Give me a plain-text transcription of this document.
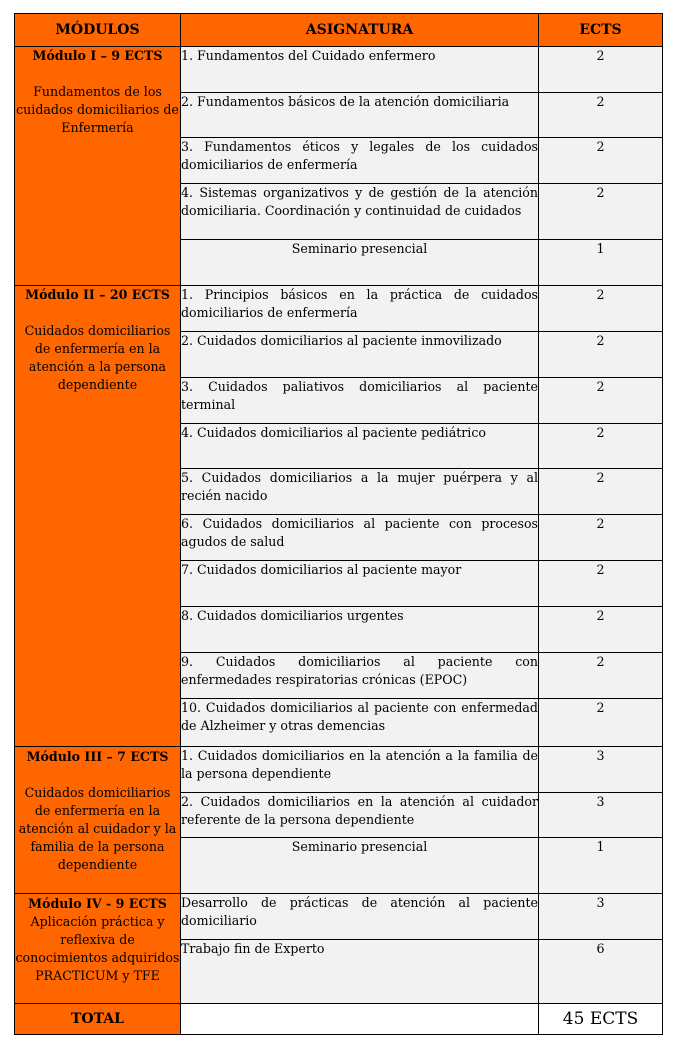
MÓDULOS	ASIGNATURA	ECTS

Módulo I – 9 ECTS
Fundamentos de los cuidados domiciliarios de Enfermería	1. Fundamentos del Cuidado enfermero	2
	2. Fundamentos básicos de la atención domiciliaria	2
	3. Fundamentos éticos y legales de los cuidados domiciliarios de enfermería	2
	4. Sistemas organizativos y de gestión de la atención domiciliaria. Coordinación y continuidad de cuidados	2
	Seminario presencial	1

Módulo II – 20 ECTS
Cuidados domiciliarios de enfermería en la atención a la persona dependiente	1. Principios básicos en la práctica de cuidados domiciliarios de enfermería	2
	2. Cuidados domiciliarios al paciente inmovilizado	2
	3. Cuidados paliativos domiciliarios al paciente terminal	2
	4. Cuidados domiciliarios al paciente pediátrico	2
	5. Cuidados domiciliarios a la mujer puérpera y al recién nacido	2
	6. Cuidados domiciliarios al paciente con procesos agudos de salud	2
	7. Cuidados domiciliarios al paciente mayor	2
	8. Cuidados domiciliarios urgentes	2
	9. Cuidados domiciliarios al paciente con enfermedades respiratorias crónicas (EPOC)	2
	10. Cuidados domiciliarios al paciente con enfermedad de Alzheimer y otras demencias	2

Módulo III – 7 ECTS
Cuidados domiciliarios de enfermería en la atención al cuidador y la familia de la persona dependiente	1. Cuidados domiciliarios en la atención a la familia de la persona dependiente	3
	2. Cuidados domiciliarios en la atención al cuidador referente de la persona dependiente	3
	Seminario presencial	1

Módulo IV - 9 ECTS
Aplicación práctica y reflexiva de conocimientos adquiridos PRACTICUM y TFE	Desarrollo de prácticas de atención al paciente domiciliario	3
	Trabajo fin de Experto	6
TOTAL		45 ECTS
